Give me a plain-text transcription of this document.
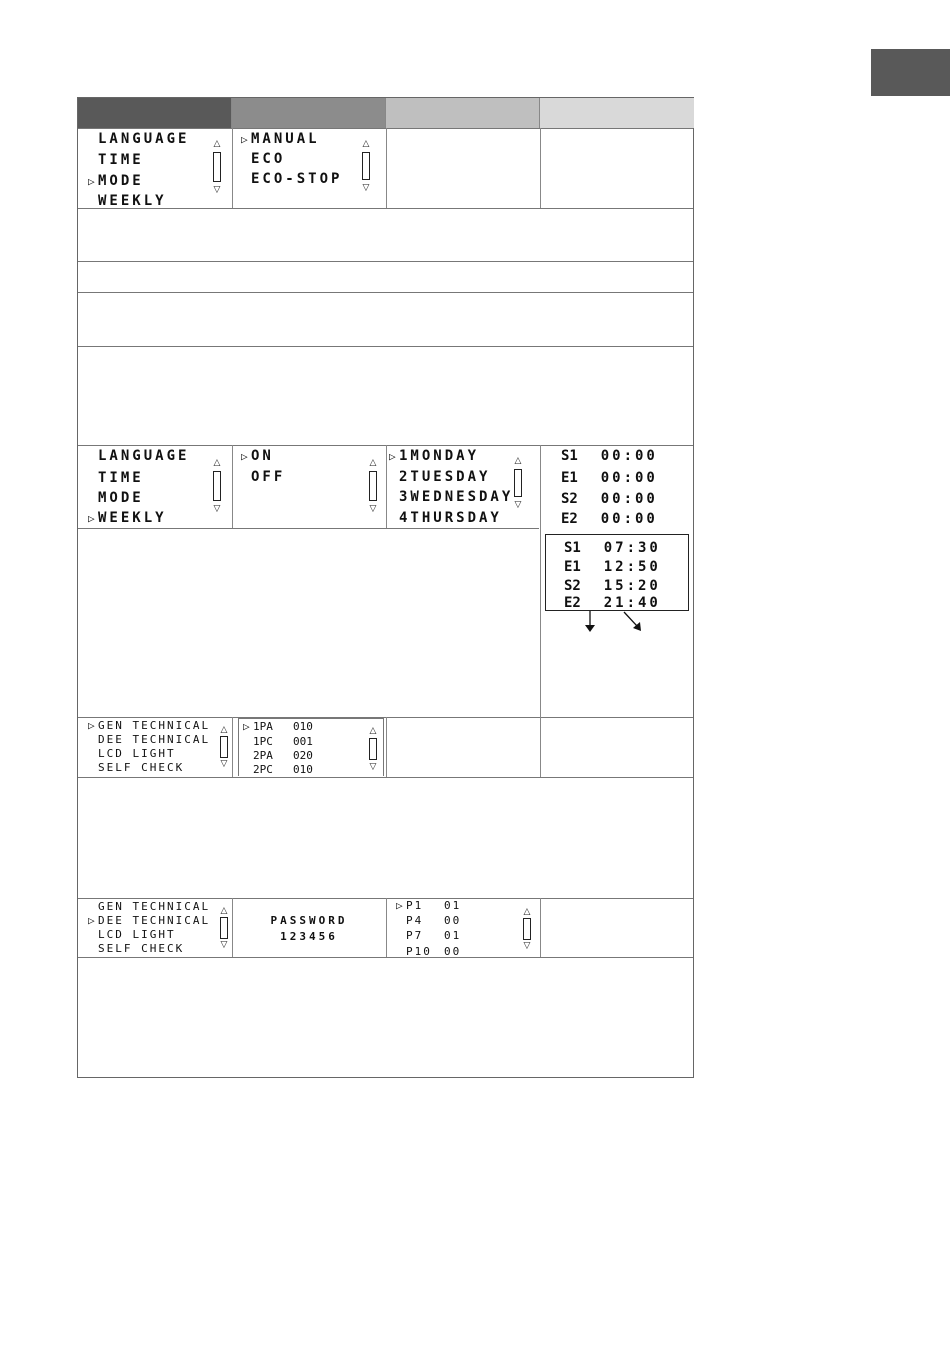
LANGUAGE
TIME
▷ MODE
WEEKLY
△
▽
▷ MANUAL
ECO
ECO-STOP
△
▽
LANGUAGE
TIME
MODE
▷ WEEKLY
△
▽
▷ ON
OFF
△
▽
▷ 1MONDAY
2TUESDAY
3WEDNESDAY
4THURSDAY
△
▽
S1 00:00
E1 00:00
S2 00:00
E2 00:00
S1 07:30
E1 12:50
S2 15:20
E2 21:40
▷ GEN TECHNICAL
DEE TECHNICAL
LCD LIGHT
SELF CHECK
△
▽
▷ 1PA 010
1PC 001
2PA 020
2PC 010
△
▽
GEN TECHNICAL
▷ DEE TECHNICAL
LCD LIGHT
SELF CHECK
△
▽
PASSWORD
123456
▷ P1 01
P4 00
P7 01
P10 00
△
▽
